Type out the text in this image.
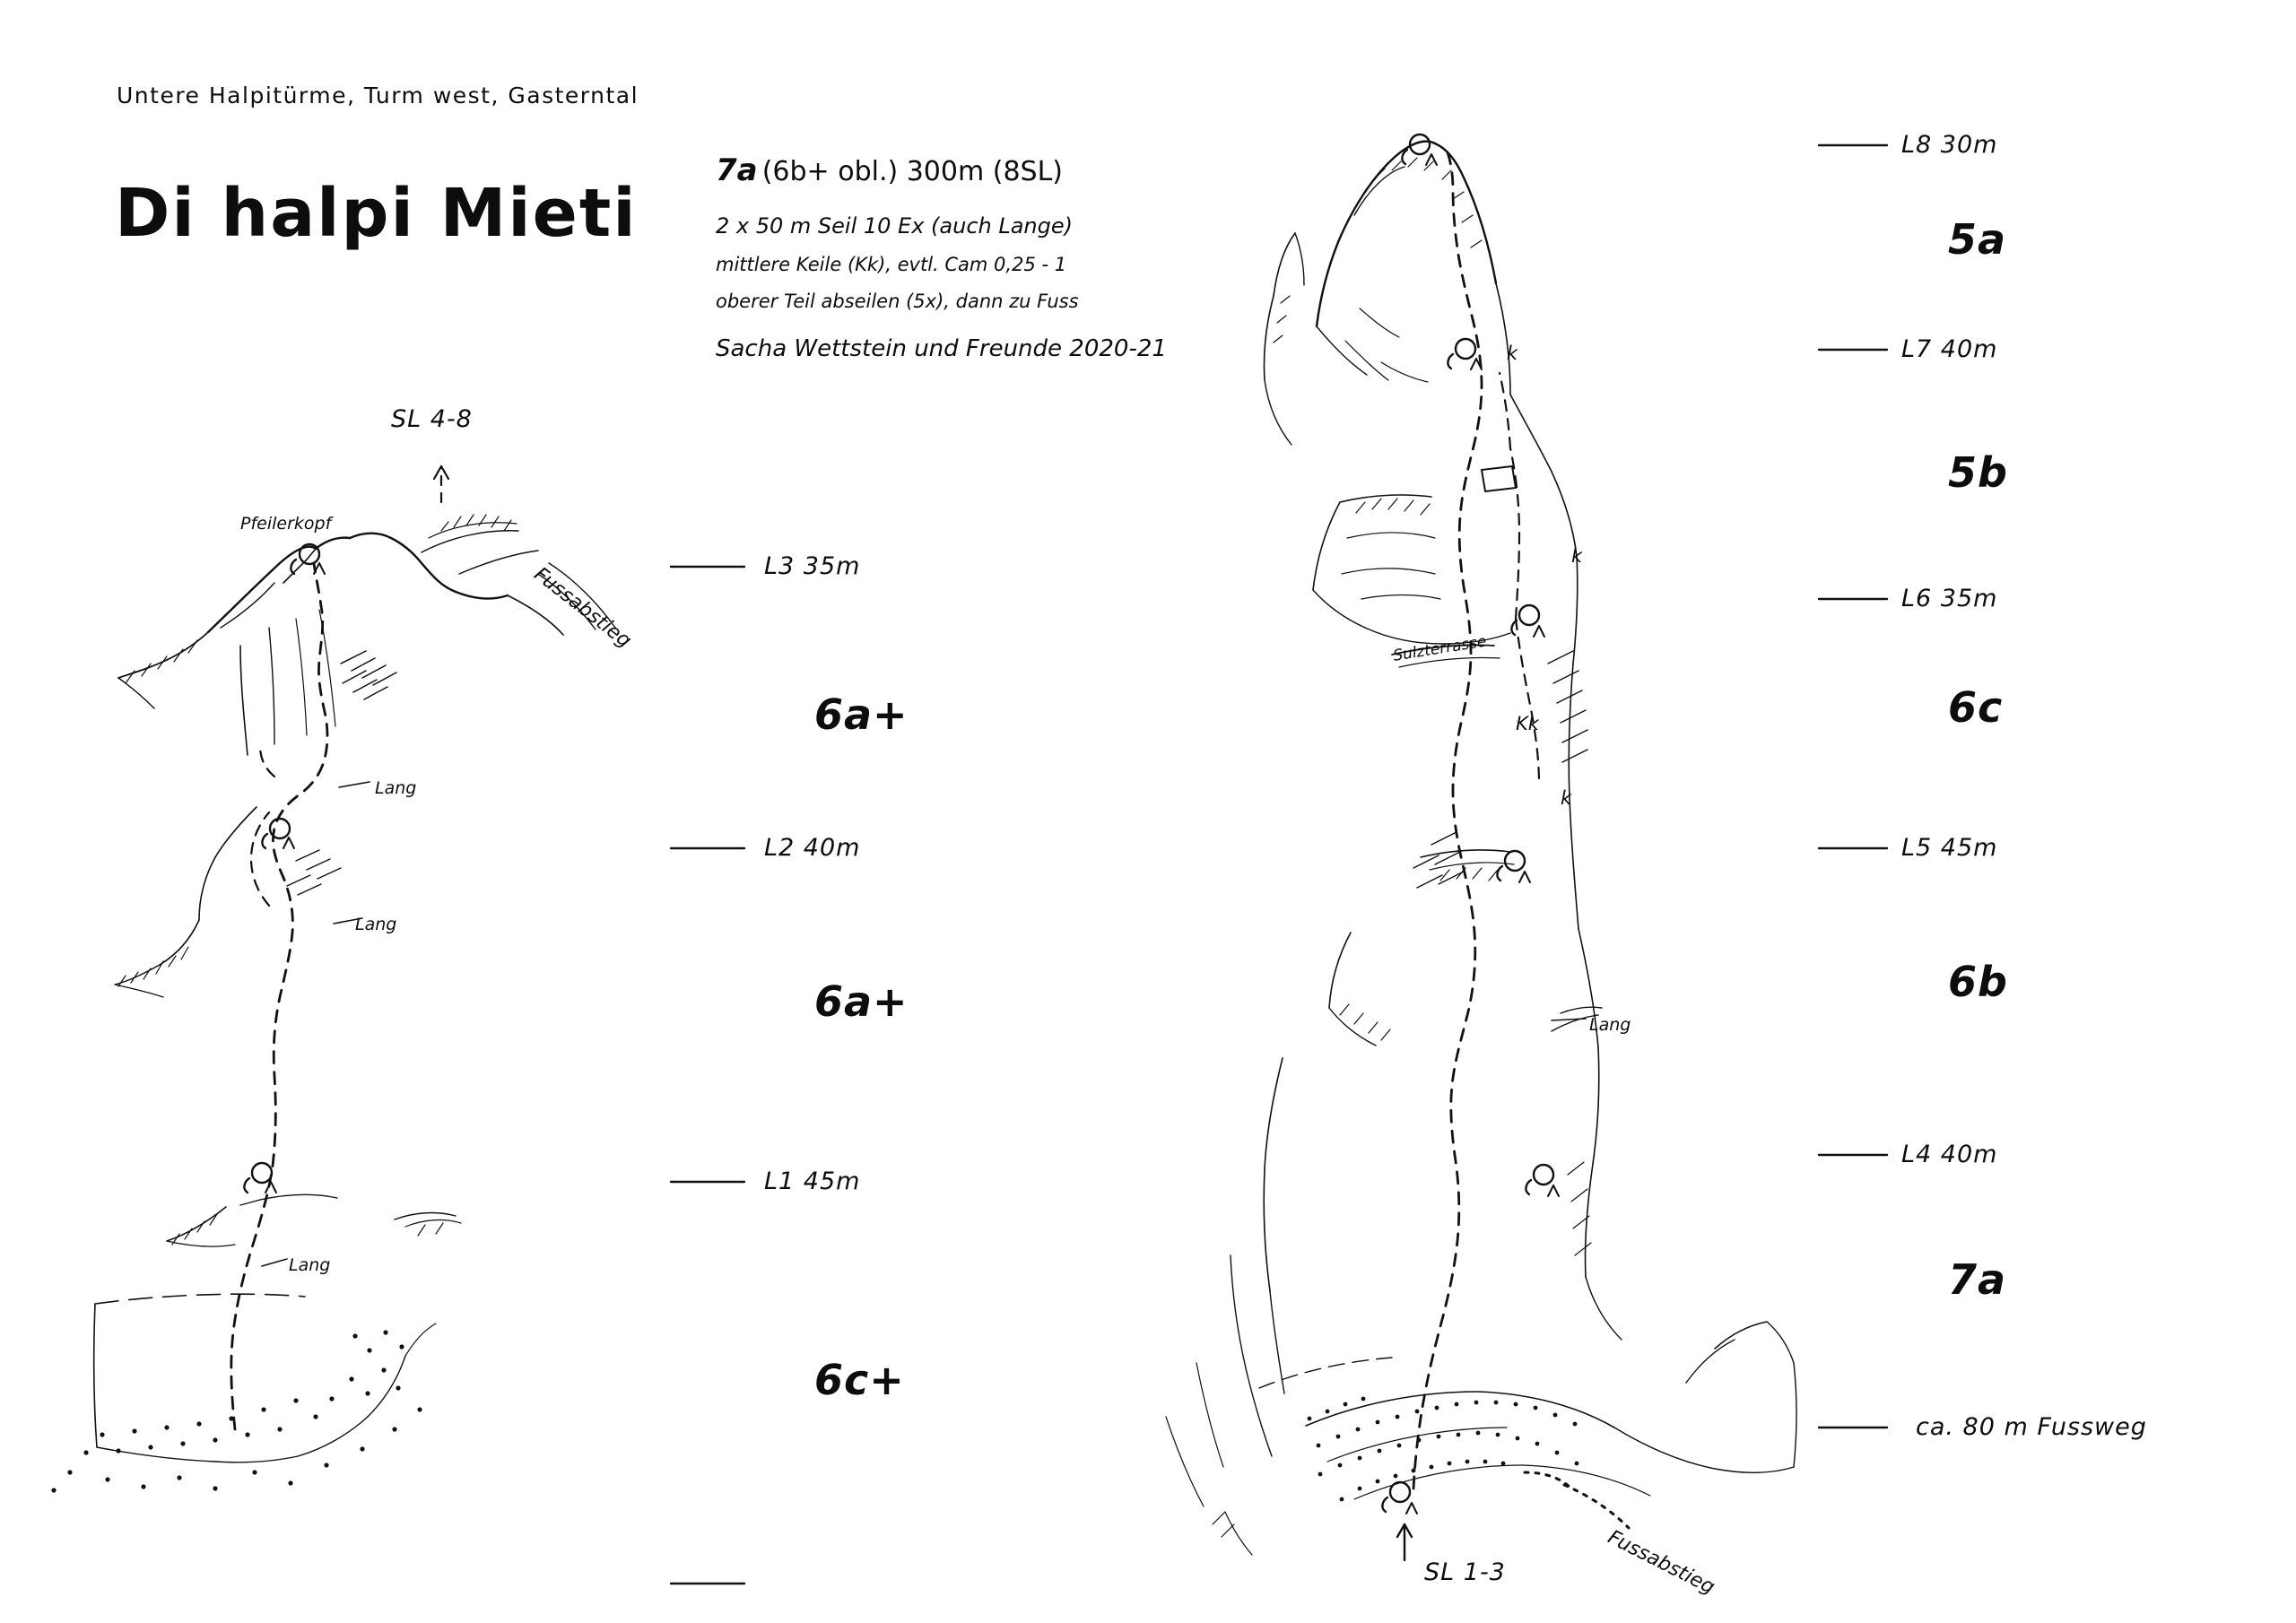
Untere Halpitürme, Turm west, Gasterntal
Di halpi Mieti
7a (6b+ obl.) 300m (8SL)
2 x 50 m Seil 10 Ex (auch Lange)
mittlere Keile (Kk), evtl. Cam 0,25 - 1
oberer Teil abseilen (5x), dann zu Fuss
Sacha Wettstein und Freunde 2020-21
SL 4-8
Pfeilerkopf
Fussabstieg
Lang
Lang
Lang
L3 35m
6a+
L2 40m
6a+
L1 45m
6c+
Sulzterrasse
Kk
k
k
k
Lang
SL 1-3	Fussabstieg
L8 30m
5a
L7 40m
5b
L6 35m
6c
L5 45m
6b
L4 40m
7a
ca. 80 m Fussweg
